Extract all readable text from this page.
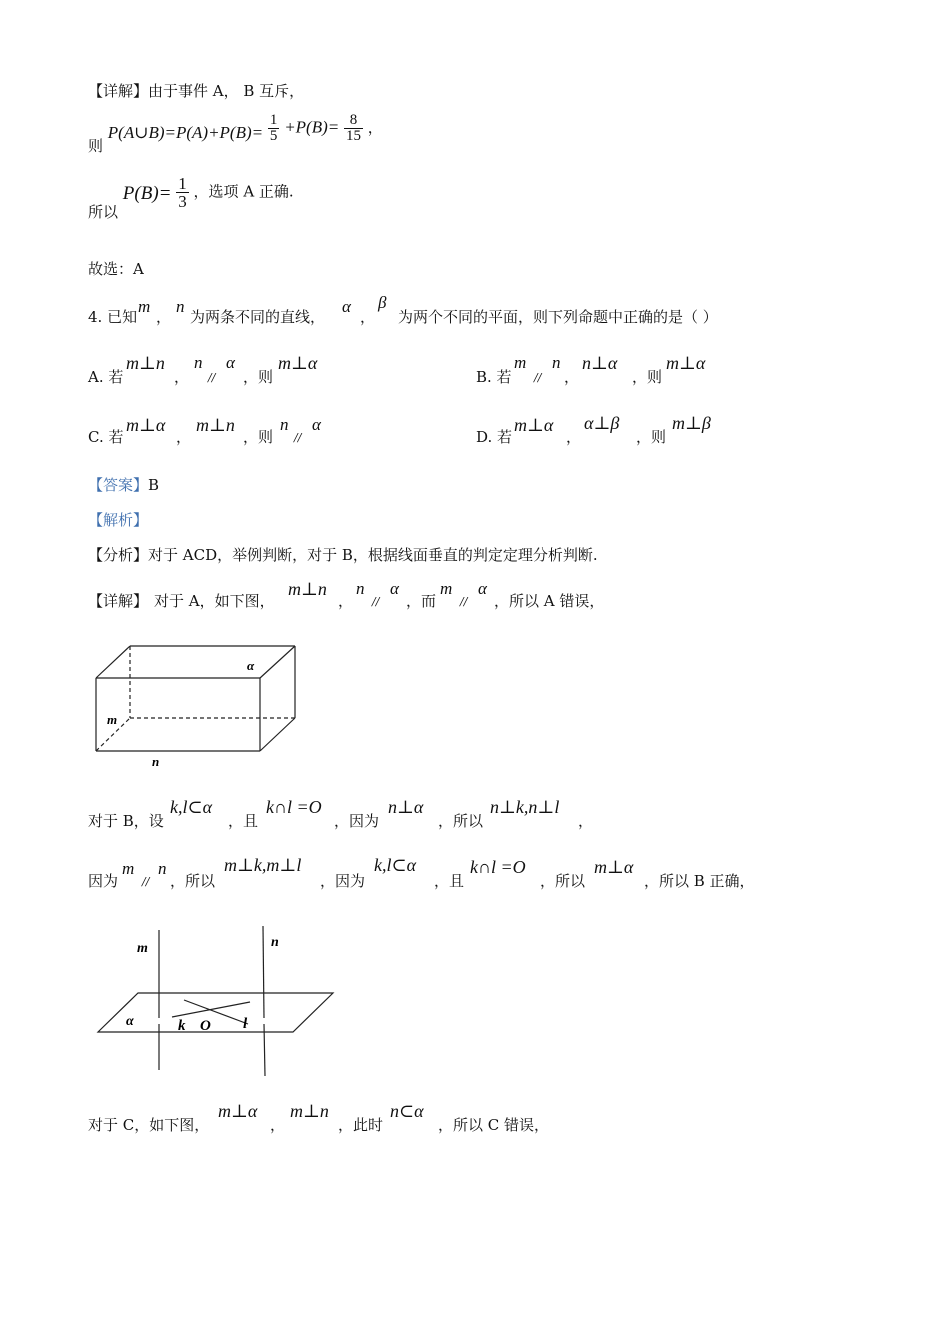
【详解】由于事件 A， B 互斥，
则 P(A∪B)=P(A)+P(B)= $\frac{1}{5} +P(B)= \frac{8}{15}$ ，
所以 $P(B)= \frac{1}{3}$ ，选项 A 正确.
故选：A
4. 已知
m
，
n
为两条不同的直线，
α
，
β
为两个不同的平面，则下列命题中正确的是（ ）
A. 若
m⊥n
，
n
//
α
，则
m⊥α
B. 若
m
//
n
，
n⊥α
，则
m⊥α
C. 若
m⊥α
，
m⊥n
，则
n
//
α
D. 若
m⊥α
，
α⊥β
，则
m⊥β
【答案】B
【解析】
【分析】对于 ACD，举例判断，对于 B，根据线面垂直的判定定理分析判断.
【详解】 对于 A，如下图，
m⊥n
，
n
//
α
，而
m
//
α
，所以 A 错误，
α
m
n
对于 B，设
k,l⊂α
，且
k∩l =O
，因为
n⊥α
，所以
n⊥k,n⊥l
，
因为
m
//
n
，所以
m⊥k,m⊥l
，因为
k,l⊂α
，且
k∩l =O
，所以
m⊥α
，所以 B 正确，
m	n
α	k O l
对于 C，如下图，
m⊥α
，
m⊥n
，此时
n⊂α
，所以 C 错误，
